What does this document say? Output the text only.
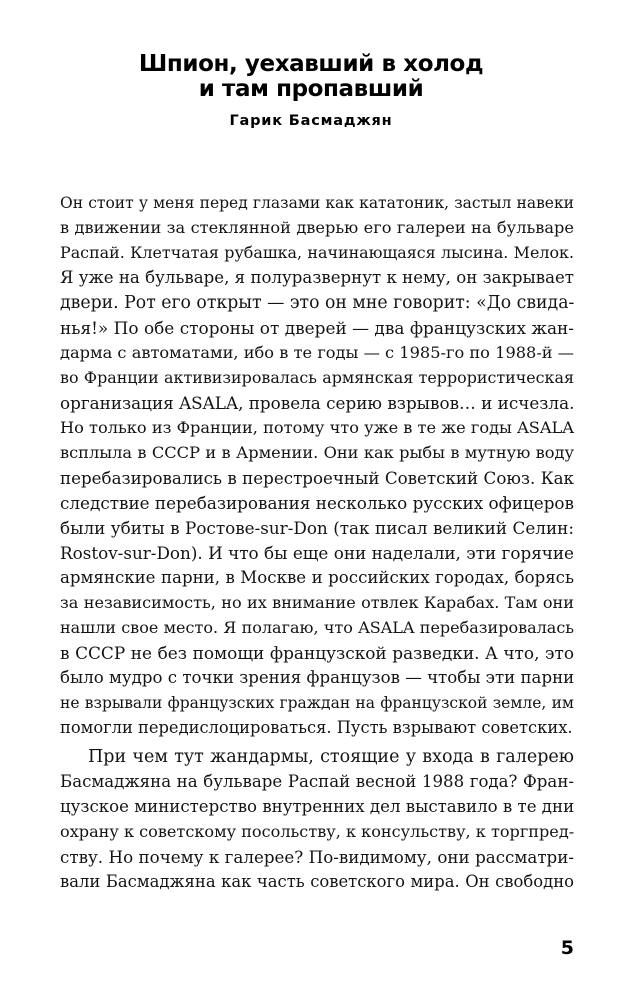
Шпион, уехавший в холод
и там пропавший
Гарик Басмаджян
Он стоит у меня перед глазами как кататоник, застыл навеки
в движении за стеклянной дверью его галереи на бульваре
Распай. Клетчатая рубашка, начинающаяся лысина. Мелок.
Я уже на бульваре, я полуразвернут к нему, он закрывает
двери. Рот его открыт — это он мне говорит: «До свида-
нья!» По обе стороны от дверей — два французских жан-
дарма с автоматами, ибо в те годы — с 1985-го по 1988-й —
во Франции активизировалась армянская террористическая
организация ASALA, провела серию взрывов… и исчезла.
Но только из Франции, потому что уже в те же годы ASALA
всплыла в СССР и в Армении. Они как рыбы в мутную воду
перебазировались в перестроечный Советский Союз. Как
следствие перебазирования несколько русских офицеров
были убиты в Ростове-sur-Don (так писал великий Селин:
Rostov-sur-Don). И что бы еще они наделали, эти горячие
армянские парни, в Москве и российских городах, борясь
за независимость, но их внимание отвлек Карабах. Там они
нашли свое место. Я полагаю, что ASALA перебазировалась
в СССР не без помощи французской разведки. А что, это
было мудро с точки зрения французов — чтобы эти парни
не взрывали французских граждан на французской земле, им
помогли передислоцироваться. Пусть взрывают советских.
При чем тут жандармы, стоящие у входа в галерею
Басмаджяна на бульваре Распай весной 1988 года? Фран-
цузское министерство внутренних дел выставило в те дни
охрану к советскому посольству, к консульству, к торгпред-
ству. Но почему к галерее? По-видимому, они рассматри-
вали Басмаджяна как часть советского мира. Он свободно
5
